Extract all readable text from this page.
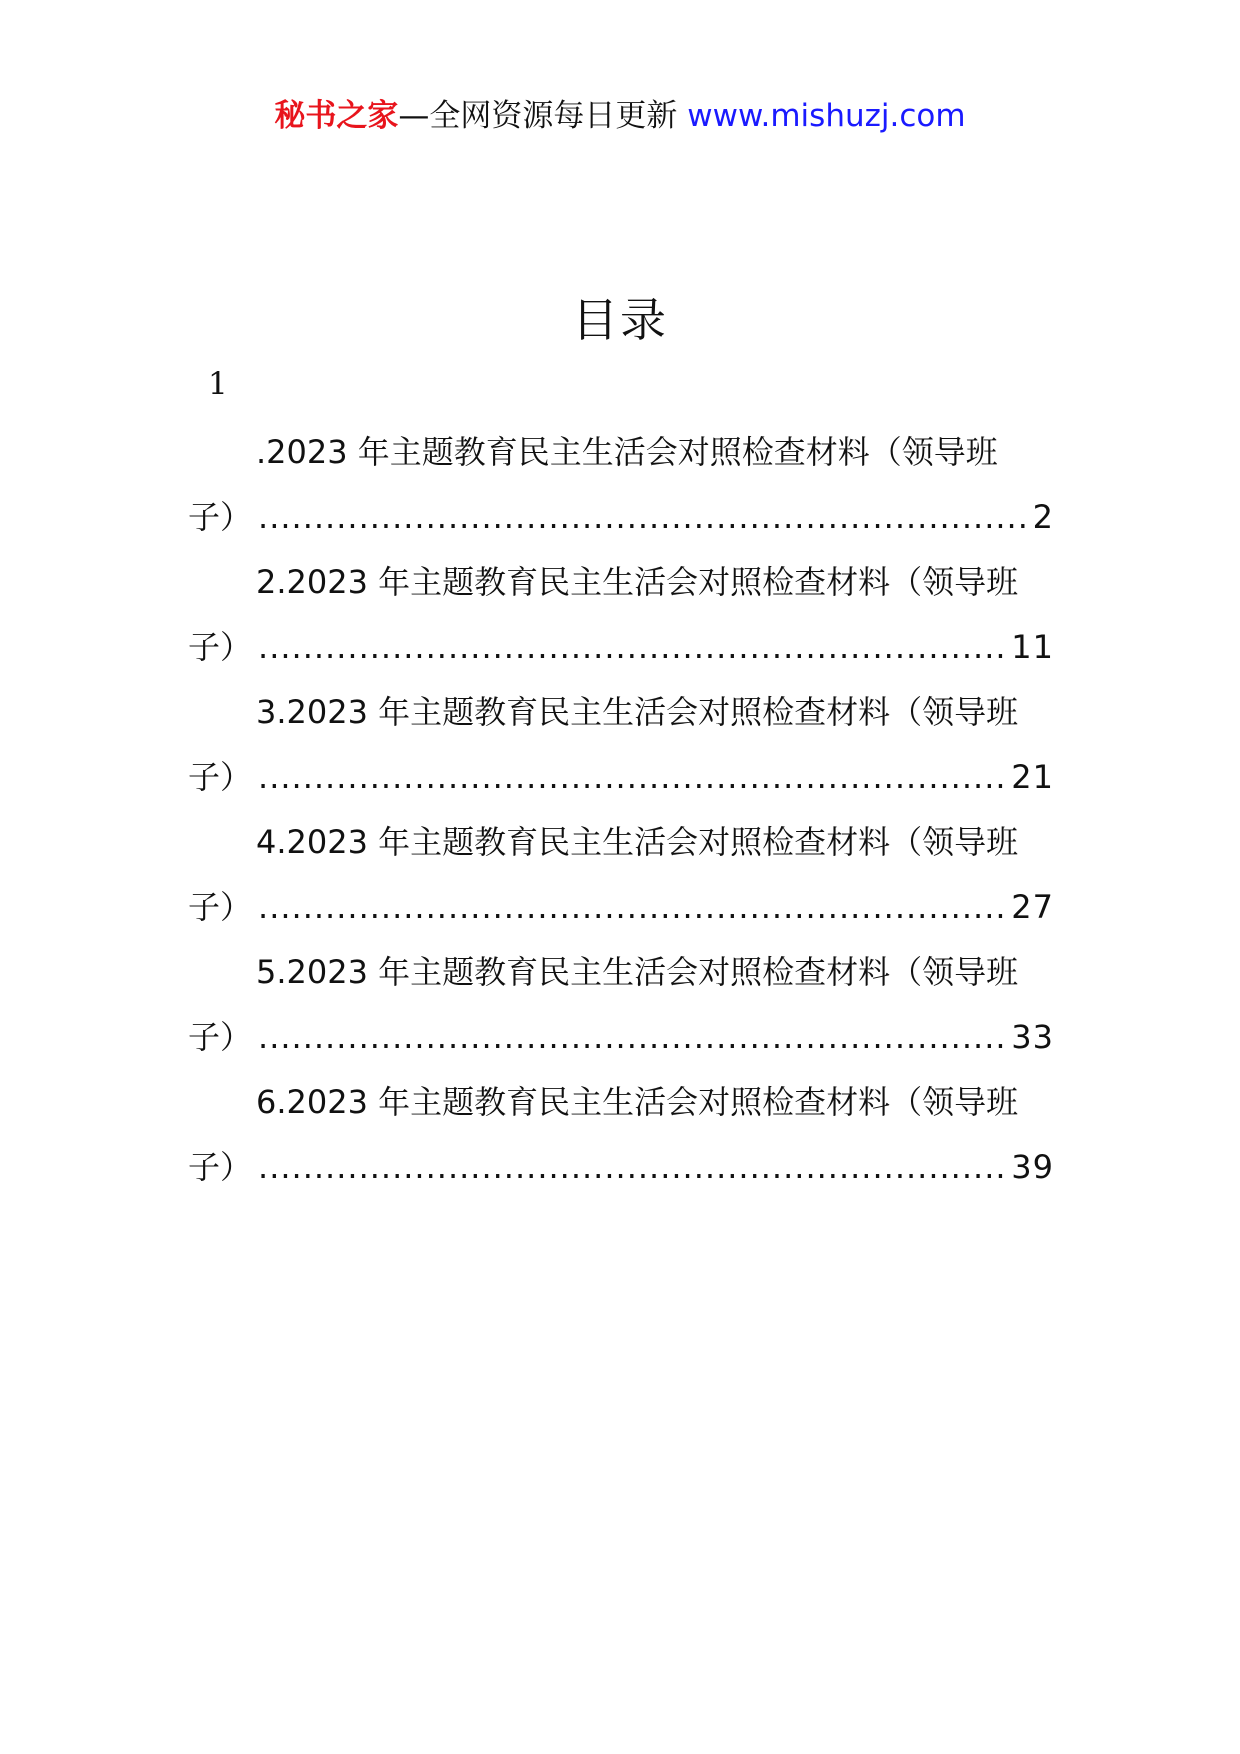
秘书之家—全网资源每日更新 www.mishuzj.com
目录
1
.2023 年主题教育民主生活会对照检查材料（领导班
子） .....	2
2.2023 年主题教育民主生活会对照检查材料（领导班
子） .....	11
3.2023 年主题教育民主生活会对照检查材料（领导班
子） .....	21
4.2023 年主题教育民主生活会对照检查材料（领导班
子） .....	27
5.2023 年主题教育民主生活会对照检查材料（领导班
子） .....	33
6.2023 年主题教育民主生活会对照检查材料（领导班
子） .....	39
